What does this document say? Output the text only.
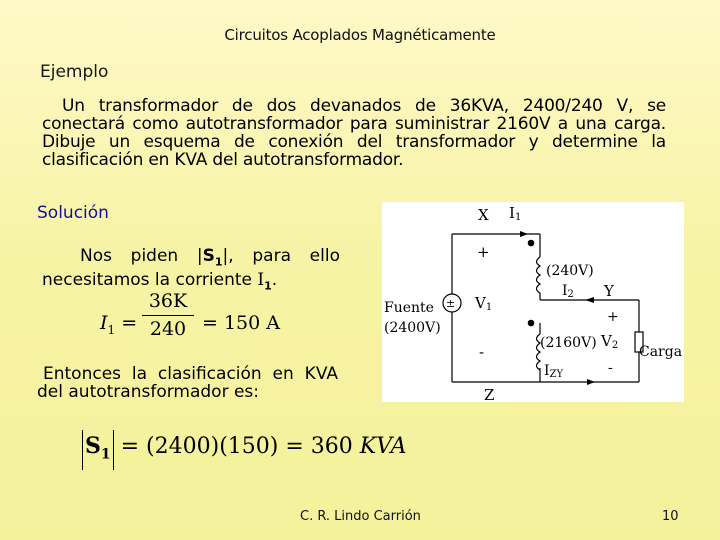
Circuitos Acoplados Magnéticamente
Ejemplo
Un transformador de dos devanados de 36KVA, 2400/240 V, se conectará como autotransformador para suministrar 2160V a una carga. Dibuje un esquema de conexión del transformador y determine la clasificación en KVA del autotransformador.
Solución
Nos piden $|S_1|$, para ello necesitamos la corriente $I_1$.
$I_1$ =
36K
240 = 150 A
Entonces la clasificación en KVA del autotransformador es:
$S_1 = (2400)(150) = 360$ KVA
X I1
+
Fuente
(2400V)
± V1
-
(240V)
I2 Y
+
(2160V) V2 Carga
IZY	-
Z
C. R. Lindo Carrión	10
